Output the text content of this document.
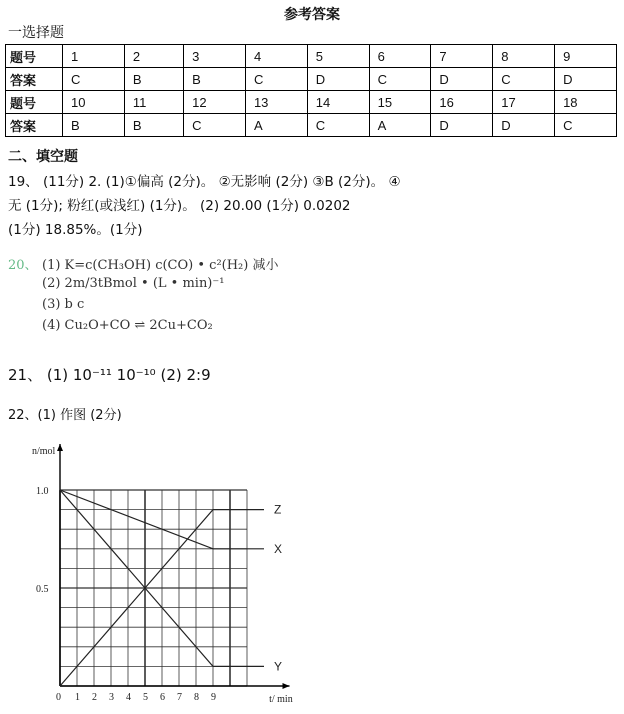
参考答案
一选择题
题号	1	2	3	4	5	6	7	8	9
答案	C	B	B	C	D	C	D	C	D
题号	10	11	12	13	14	15	16	17	18
答案	B	B	C	A	C	A	D	D	C
二、填空题
19、 (11分) 2. (1)①偏高 (2分)。 ②无影响 (2分) ③B (2分)。 ④
无 (1分); 粉红(或浅红) (1分)。 (2) 20.00 (1分) 0.0202
(1分) 18.85%。(1分)
20、 (1) K=c(CH₃OH) c(CO) • c²(H₂) 减小
(2) 2m/3tBmol • (L • min)⁻¹
(3) b c
(4) Cu₂O+CO ⇌ 2Cu+CO₂
21、 (1) 10⁻¹¹ 10⁻¹⁰ (2) 2:9
22、(1) 作图 (2分)
0 1 2 3 4 5 6 7 8 9
1.0
0.5
n/mol
t/ min
Z
X
Y
